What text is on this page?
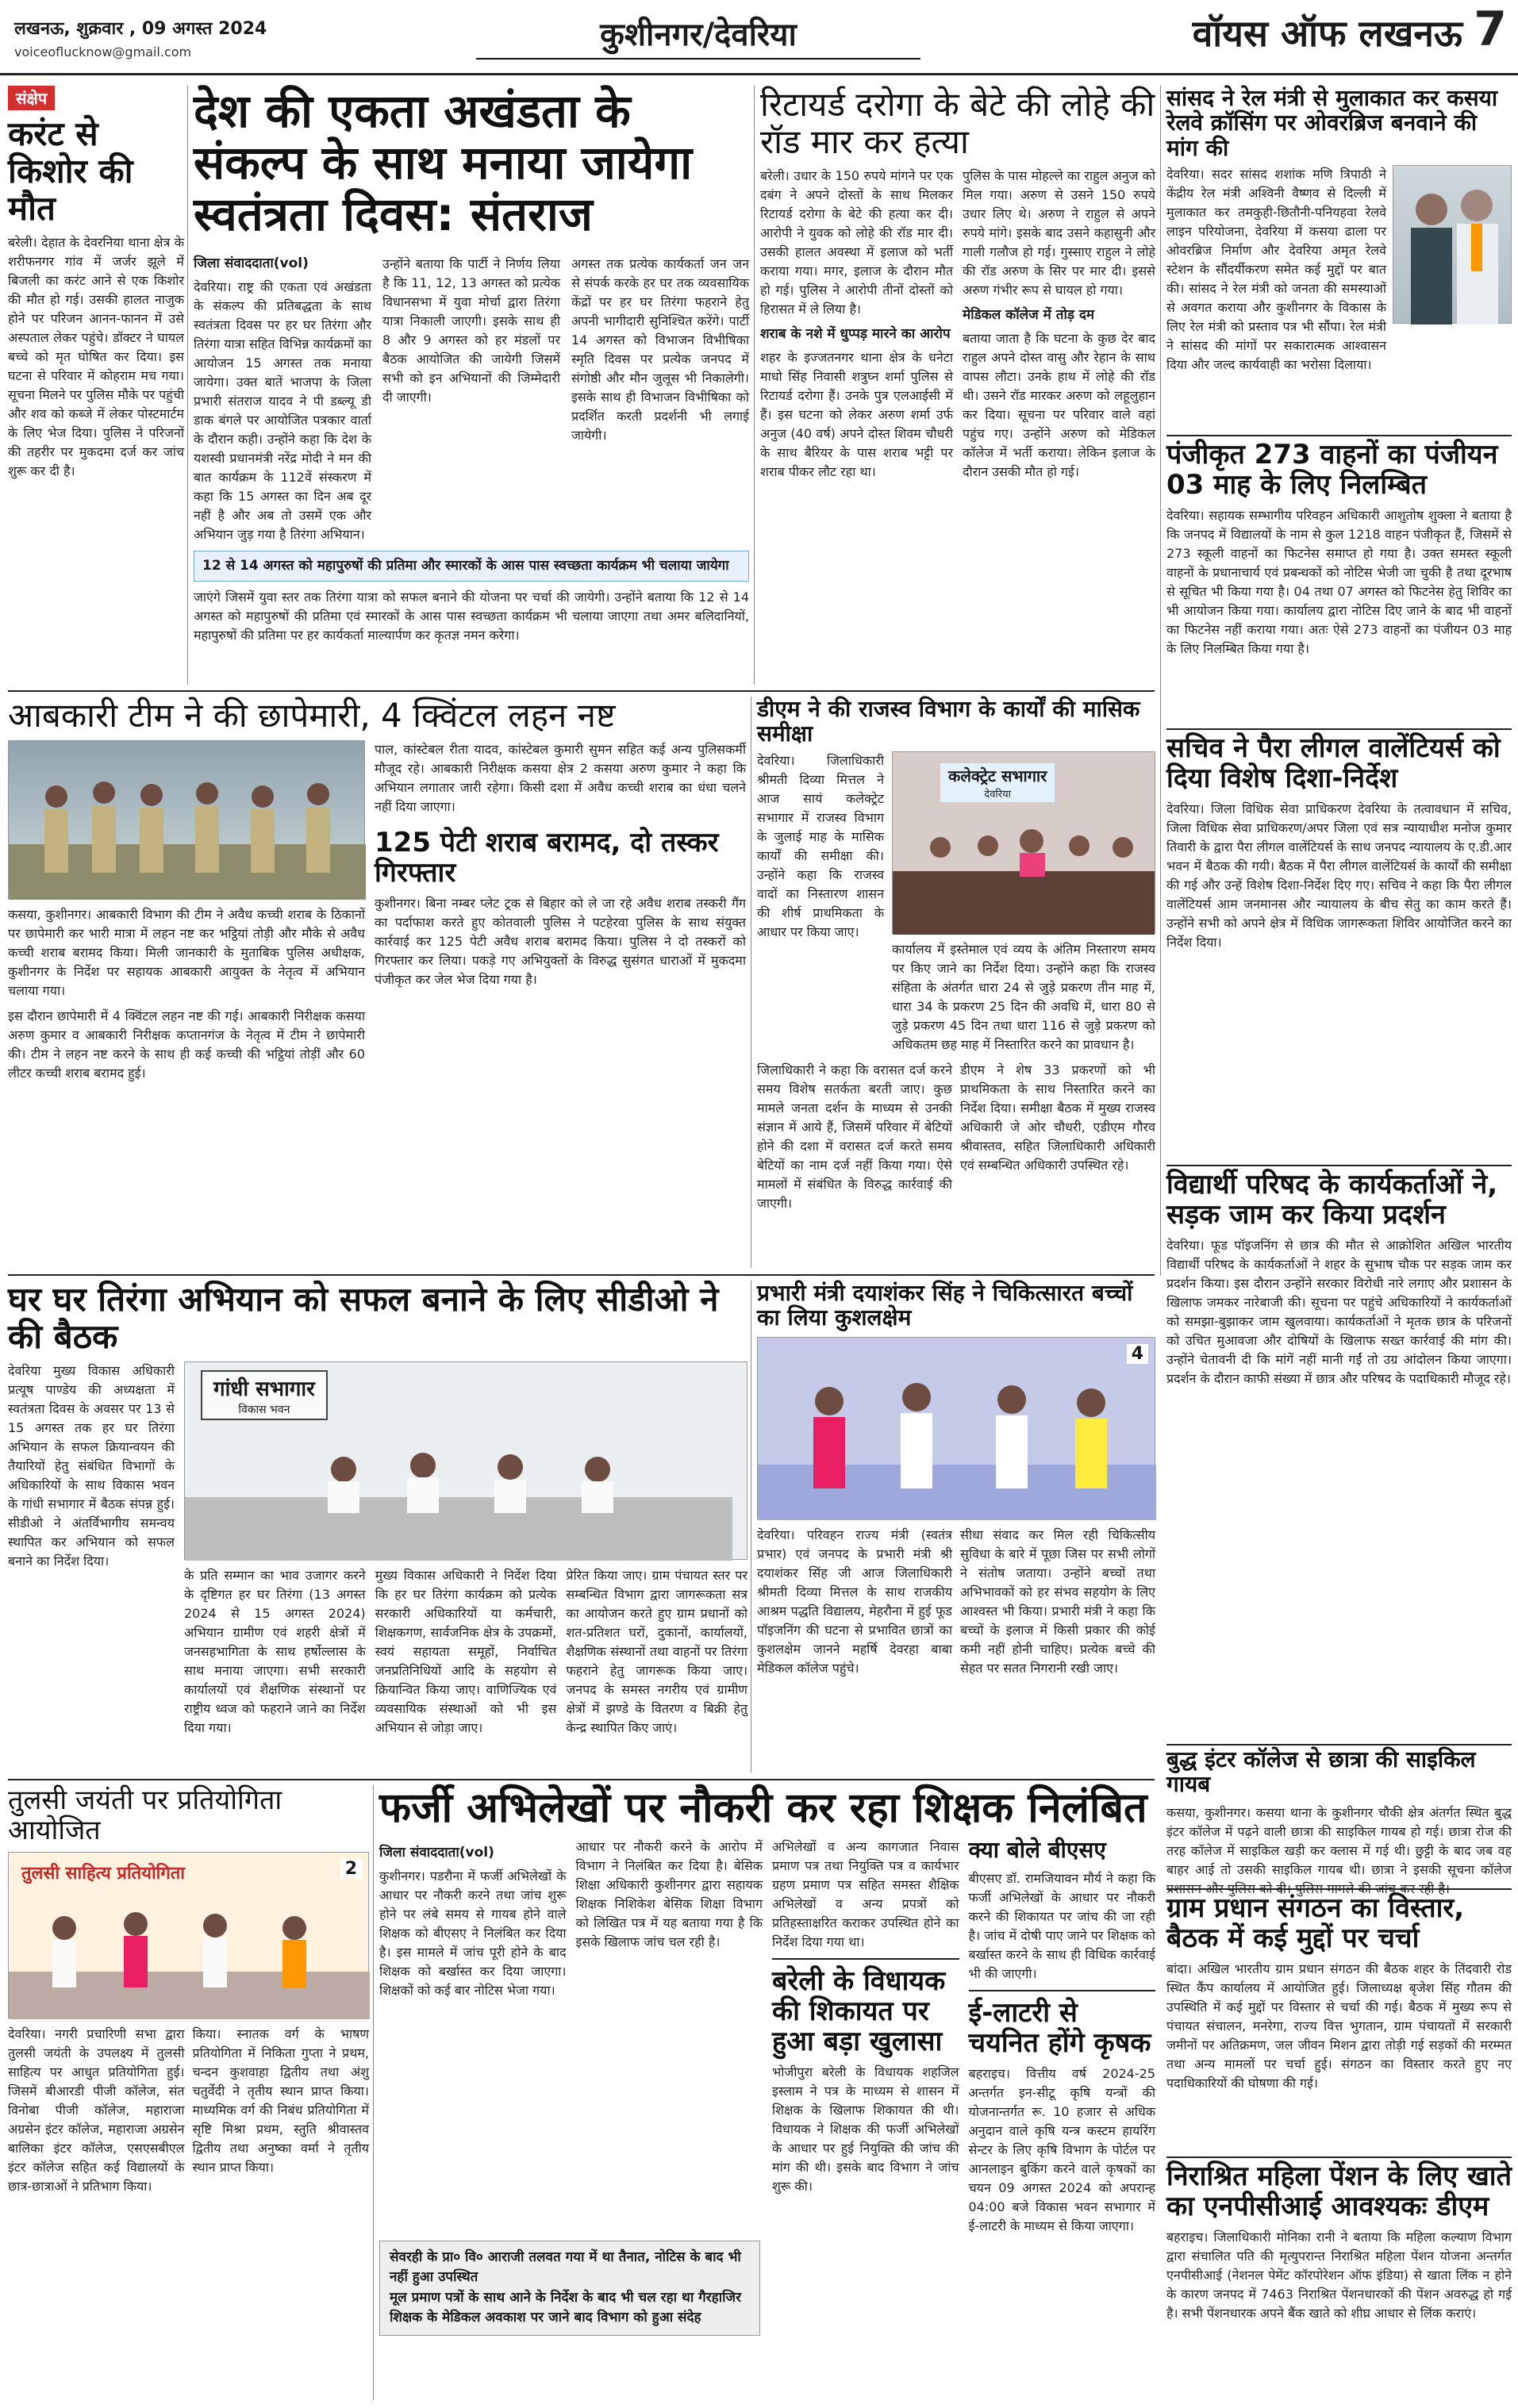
लखनऊ, शुक्रवार , 09 अगस्त 2024
voiceoflucknow@gmail.com	कुशीनगर/देवरिया	वॉयस ऑफ लखनऊ 7
संक्षेप
करंट से किशोर की मौत

बरेली। देहात के देवरनिया थाना क्षेत्र के शरीफनगर गांव में जर्जर झूले में बिजली का करंट आने से एक किशोर की मौत हो गई। उसकी हालत नाजुक होने पर परिजन आनन-फानन में उसे अस्पताल लेकर पहुंचे। डॉक्टर ने घायल बच्चे को मृत घोषित कर दिया। इस घटना से परिवार में कोहराम मच गया। सूचना मिलने पर पुलिस मौके पर पहुंची और शव को कब्जे में लेकर पोस्टमार्टम के लिए भेज दिया। पुलिस ने परिजनों की तहरीर पर मुकदमा दर्ज कर जांच शुरू कर दी है।

देश की एकता अखंडता के संकल्प के साथ मनाया जायेगा स्वतंत्रता दिवस: संतराज
जिला संवाददाता(vol)

देवरिया। राष्ट्र की एकता एवं अखंडता के संकल्प की प्रतिबद्धता के साथ स्वतंत्रता दिवस पर हर घर तिरंगा और तिरंगा यात्रा सहित विभिन्न कार्यक्रमों का आयोजन 15 अगस्त तक मनाया जायेगा। उक्त बातें भाजपा के जिला प्रभारी संतराज यादव ने पी डब्ल्यू डी डाक बंगले पर आयोजित पत्रकार वार्ता के दौरान कही। उन्होंने कहा कि देश के यशस्वी प्रधानमंत्री नरेंद्र मोदी ने मन की बात कार्यक्रम के 112वें संस्करण में कहा कि 15 अगस्त का दिन अब दूर नहीं है और अब तो उसमें एक और अभियान जुड़ गया है तिरंगा अभियान।

उन्होंने बताया कि पार्टी ने निर्णय लिया है कि 11, 12, 13 अगस्त को प्रत्येक विधानसभा में युवा मोर्चा द्वारा तिरंगा यात्रा निकाली जाएगी। इसके साथ ही 8 और 9 अगस्त को हर मंडलों पर बैठक आयोजित की जायेगी जिसमें सभी को इन अभियानों की जिम्मेदारी दी जाएगी।

अगस्त तक प्रत्येक कार्यकर्ता जन जन से संपर्क करके हर घर तक व्यवसायिक केंद्रों पर हर घर तिरंगा फहराने हेतु अपनी भागीदारी सुनिश्चित करेंगे। पार्टी 14 अगस्त को विभाजन विभीषिका स्मृति दिवस पर प्रत्येक जनपद में संगोष्ठी और मौन जुलूस भी निकालेगी। इसके साथ ही विभाजन विभीषिका को प्रदर्शित करती प्रदर्शनी भी लगाई जायेगी।

12 से 14 अगस्त को महापुरुषों की प्रतिमा और स्मारकों के आस पास स्वच्छता कार्यक्रम भी चलाया जायेगा

जाएंगे जिसमें युवा स्तर तक तिरंगा यात्रा को सफल बनाने की योजना पर चर्चा की जायेगी। उन्होंने बताया कि 12 से 14 अगस्त को महापुरुषों की प्रतिमा एवं स्मारकों के आस पास स्वच्छता कार्यक्रम भी चलाया जाएगा तथा अमर बलिदानियों, महापुरुषों की प्रतिमा पर हर कार्यकर्ता माल्यार्पण कर कृतज्ञ नमन करेगा।

रिटायर्ड दरोगा के बेटे की लोहे की रॉड मार कर हत्या

बरेली। उधार के 150 रुपये मांगने पर एक दबंग ने अपने दोस्तों के साथ मिलकर रिटायर्ड दरोगा के बेटे की हत्या कर दी। आरोपी ने युवक को लोहे की रॉड मार दी। उसकी हालत अवस्था में इलाज को भर्ती कराया गया। मगर, इलाज के दौरान मौत हो गई। पुलिस ने आरोपी तीनों दोस्तों को हिरासत में ले लिया है।

शराब के नशे में धुप्पड़ मारने का आरोप

शहर के इज्जतनगर थाना क्षेत्र के धनेटा माधो सिंह निवासी शत्रुघ्न शर्मा पुलिस से रिटायर्ड दरोगा हैं। उनके पुत्र एलआईसी में हैं। इस घटना को लेकर अरुण शर्मा उर्फ अनुज (40 वर्ष) अपने दोस्त शिवम चौधरी के साथ बैरियर के पास शराब भट्टी पर शराब पीकर लौट रहा था।

पुलिस के पास मोहल्ले का राहुल अनुज को मिल गया। अरुण से उसने 150 रुपये उधार लिए थे। अरुण ने राहुल से अपने रुपये मांगे। इसके बाद उसने कहासुनी और गाली गलौज हो गई। गुस्साए राहुल ने लोहे की रॉड अरुण के सिर पर मार दी। इससे अरुण गंभीर रूप से घायल हो गया।

मेडिकल कॉलेज में तोड़ दम

बताया जाता है कि घटना के कुछ देर बाद राहुल अपने दोस्त वासु और रेहान के साथ वापस लौटा। उनके हाथ में लोहे की रॉड थी। उसने रॉड मारकर अरुण को लहूलुहान कर दिया। सूचना पर परिवार वाले वहां पहुंच गए। उन्होंने अरुण को मेडिकल कॉलेज में भर्ती कराया। लेकिन इलाज के दौरान उसकी मौत हो गई।

सांसद ने रेल मंत्री से मुलाकात कर कसया रेलवे क्रॉसिंग पर ओवरब्रिज बनवाने की मांग की

देवरिया। सदर सांसद शशांक मणि त्रिपाठी ने केंद्रीय रेल मंत्री अश्विनी वैष्णव से दिल्ली में मुलाकात कर तमकुही-छितौनी-पनियहवा रेलवे लाइन परियोजना, देवरिया में कसया ढाला पर ओवरब्रिज निर्माण और देवरिया अमृत रेलवे स्टेशन के सौंदर्यीकरण समेत कई मुद्दों पर बात की। सांसद ने रेल मंत्री को जनता की समस्याओं से अवगत कराया और कुशीनगर के विकास के लिए रेल मंत्री को प्रस्ताव पत्र भी सौंपा। रेल मंत्री ने सांसद की मांगों पर सकारात्मक आश्वासन दिया और जल्द कार्यवाही का भरोसा दिलाया।

पंजीकृत 273 वाहनों का पंजीयन 03 माह के लिए निलम्बित

देवरिया। सहायक सम्भागीय परिवहन अधिकारी आशुतोष शुक्ला ने बताया है कि जनपद में विद्यालयों के नाम से कुल 1218 वाहन पंजीकृत हैं, जिसमें से 273 स्कूली वाहनों का फिटनेस समाप्त हो गया है। उक्त समस्त स्कूली वाहनों के प्रधानाचार्य एवं प्रबन्धकों को नोटिस भेजी जा चुकी है तथा दूरभाष से सूचित भी किया गया है। 04 तथा 07 अगस्त को फिटनेस हेतु शिविर का भी आयोजन किया गया। कार्यालय द्वारा नोटिस दिए जाने के बाद भी वाहनों का फिटनेस नहीं कराया गया। अतः ऐसे 273 वाहनों का पंजीयन 03 माह के लिए निलम्बित किया गया है।

सचिव ने पैरा लीगल वालेंटियर्स को दिया विशेष दिशा-निर्देश

देवरिया। जिला विधिक सेवा प्राधिकरण देवरिया के तत्वावधान में सचिव, जिला विधिक सेवा प्राधिकरण/अपर जिला एवं सत्र न्यायाधीश मनोज कुमार तिवारी के द्वारा पैरा लीगल वालेंटियर्स के साथ जनपद न्यायालय के ए.डी.आर भवन में बैठक की गयी। बैठक में पैरा लीगल वालेंटियर्स के कार्यों की समीक्षा की गई और उन्हें विशेष दिशा-निर्देश दिए गए। सचिव ने कहा कि पैरा लीगल वालेंटियर्स आम जनमानस और न्यायालय के बीच सेतु का काम करते हैं। उन्होंने सभी को अपने क्षेत्र में विधिक जागरूकता शिविर आयोजित करने का निर्देश दिया।

आबकारी टीम ने की छापेमारी, 4 क्विंटल लहन नष्ट

कसया, कुशीनगर। आबकारी विभाग की टीम ने अवैध कच्ची शराब के ठिकानों पर छापेमारी कर भारी मात्रा में लहन नष्ट कर भट्ठियां तोड़ी और मौके से अवैध कच्ची शराब बरामद किया। मिली जानकारी के मुताबिक पुलिस अधीक्षक, कुशीनगर के निर्देश पर सहायक आबकारी आयुक्त के नेतृत्व में अभियान चलाया गया।

इस दौरान छापेमारी में 4 क्विंटल लहन नष्ट की गई। आबकारी निरीक्षक कसया अरुण कुमार व आबकारी निरीक्षक कप्तानगंज के नेतृत्व में टीम ने छापेमारी की। टीम ने लहन नष्ट करने के साथ ही कई कच्ची की भट्ठियां तोड़ीं और 60 लीटर कच्ची शराब बरामद हुई।

पाल, कांस्टेबल रीता यादव, कांस्टेबल कुमारी सुमन सहित कई अन्य पुलिसकर्मी मौजूद रहे। आबकारी निरीक्षक कसया क्षेत्र 2 कसया अरुण कुमार ने कहा कि अभियान लगातार जारी रहेगा। किसी दशा में अवैध कच्ची शराब का धंधा चलने नहीं दिया जाएगा।

125 पेटी शराब बरामद, दो तस्कर गिरफ्तार

कुशीनगर। बिना नम्बर प्लेट ट्रक से बिहार को ले जा रहे अवैध शराब तस्करी गैंग का पर्दाफाश करते हुए कोतवाली पुलिस ने पटहेरवा पुलिस के साथ संयुक्त कार्रवाई कर 125 पेटी अवैध शराब बरामद किया। पुलिस ने दो तस्करों को गिरफ्तार कर लिया। पकड़े गए अभियुक्तों के विरुद्ध सुसंगत धाराओं में मुकदमा पंजीकृत कर जेल भेज दिया गया है।

डीएम ने की राजस्व विभाग के कार्यों की मासिक समीक्षा

देवरिया। जिलाधिकारी श्रीमती दिव्या मित्तल ने आज सायं कलेक्ट्रेट सभागार में राजस्व विभाग के जुलाई माह के मासिक कार्यों की समीक्षा की। उन्होंने कहा कि राजस्व वादों का निस्तारण शासन की शीर्ष प्राथमिकता के आधार पर किया जाए।

कलेक्ट्रेट सभागार
देवरिया

कार्यालय में इस्तेमाल एवं व्यय के अंतिम निस्तारण समय पर किए जाने का निर्देश दिया। उन्होंने कहा कि राजस्व संहिता के अंतर्गत धारा 24 से जुड़े प्रकरण तीन माह में, धारा 34 के प्रकरण 25 दिन की अवधि में, धारा 80 से जुड़े प्रकरण 45 दिन तथा धारा 116 से जुड़े प्रकरण को अधिकतम छह माह में निस्तारित करने का प्रावधान है।

जिलाधिकारी ने कहा कि वरासत दर्ज करने समय विशेष सतर्कता बरती जाए। कुछ मामले जनता दर्शन के माध्यम से उनकी संज्ञान में आये हैं, जिसमें परिवार में बेटियों होने की दशा में वरासत दर्ज करते समय बेटियों का नाम दर्ज नहीं किया गया। ऐसे मामलों में संबंधित के विरुद्ध कार्रवाई की जाएगी।

डीएम ने शेष 33 प्रकरणों को भी प्राथमिकता के साथ निस्तारित करने का निर्देश दिया। समीक्षा बैठक में मुख्य राजस्व अधिकारी जे ओर चौधरी, एडीएम गौरव श्रीवास्तव, सहित जिलाधिकारी अधिकारी एवं सम्बन्धित अधिकारी उपस्थित रहे।

विद्यार्थी परिषद के कार्यकर्ताओं ने, सड़क जाम कर किया प्रदर्शन

देवरिया। फूड पॉइजनिंग से छात्र की मौत से आक्रोशित अखिल भारतीय विद्यार्थी परिषद के कार्यकर्ताओं ने शहर के सुभाष चौक पर सड़क जाम कर प्रदर्शन किया। इस दौरान उन्होंने सरकार विरोधी नारे लगाए और प्रशासन के खिलाफ जमकर नारेबाजी की। सूचना पर पहुंचे अधिकारियों ने कार्यकर्ताओं को समझा-बुझाकर जाम खुलवाया। कार्यकर्ताओं ने मृतक छात्र के परिजनों को उचित मुआवजा और दोषियों के खिलाफ सख्त कार्रवाई की मांग की। उन्होंने चेतावनी दी कि मांगें नहीं मानी गईं तो उग्र आंदोलन किया जाएगा। प्रदर्शन के दौरान काफी संख्या में छात्र और परिषद के पदाधिकारी मौजूद रहे।

घर घर तिरंगा अभियान को सफल बनाने के लिए सीडीओ ने की बैठक

देवरिया मुख्य विकास अधिकारी प्रत्यूष पाण्डेय की अध्यक्षता में स्वतंत्रता दिवस के अवसर पर 13 से 15 अगस्त तक हर घर तिरंगा अभियान के सफल क्रियान्वयन की तैयारियों हेतु संबंधित विभागों के अधिकारियों के साथ विकास भवन के गांधी सभागार में बैठक संपन्न हुई। सीडीओ ने अंतर्विभागीय समन्वय स्थापित कर अभियान को सफल बनाने का निर्देश दिया।

गांधी सभागार
विकास भवन

के प्रति सम्मान का भाव उजागर करने के दृष्टिगत हर घर तिरंगा (13 अगस्त 2024 से 15 अगस्त 2024) अभियान ग्रामीण एवं शहरी क्षेत्रों में जनसहभागिता के साथ हर्षोल्लास के साथ मनाया जाएगा। सभी सरकारी कार्यालयों एवं शैक्षणिक संस्थानों पर राष्ट्रीय ध्वज को फहराने जाने का निर्देश दिया गया।

मुख्य विकास अधिकारी ने निर्देश दिया कि हर घर तिरंगा कार्यक्रम को प्रत्येक सरकारी अधिकारियों या कर्मचारी, शिक्षकगण, सार्वजनिक क्षेत्र के उपक्रमों, स्वयं सहायता समूहों, निर्वाचित जनप्रतिनिधियों आदि के सहयोग से क्रियान्वित किया जाए। वाणिज्यिक एवं व्यवसायिक संस्थाओं को भी इस अभियान से जोड़ा जाए।

प्रेरित किया जाए। ग्राम पंचायत स्तर पर सम्बन्धित विभाग द्वारा जागरूकता सत्र का आयोजन करते हुए ग्राम प्रधानों को शत-प्रतिशत घरों, दुकानों, कार्यालयों, शैक्षणिक संस्थानों तथा वाहनों पर तिरंगा फहराने हेतु जागरूक किया जाए। जनपद के समस्त नगरीय एवं ग्रामीण क्षेत्रों में झण्डे के वितरण व बिक्री हेतु केन्द्र स्थापित किए जाएं।

प्रभारी मंत्री दयाशंकर सिंह ने चिकित्सारत बच्चों का लिया कुशलक्षेम
4

देवरिया। परिवहन राज्य मंत्री (स्वतंत्र प्रभार) एवं जनपद के प्रभारी मंत्री श्री दयाशंकर सिंह जी आज जिलाधिकारी श्रीमती दिव्या मित्तल के साथ राजकीय आश्रम पद्धति विद्यालय, मेहरौना में हुई फूड पॉइजनिंग की घटना से प्रभावित छात्रों का कुशलक्षेम जानने महर्षि देवरहा बाबा मेडिकल कॉलेज पहुंचे।

सीधा संवाद कर मिल रही चिकित्सीय सुविधा के बारे में पूछा जिस पर सभी लोगों ने संतोष जताया। उन्होंने बच्चों तथा अभिभावकों को हर संभव सहयोग के लिए आश्वस्त भी किया। प्रभारी मंत्री ने कहा कि बच्चों के इलाज में किसी प्रकार की कोई कमी नहीं होनी चाहिए। प्रत्येक बच्चे की सेहत पर सतत निगरानी रखी जाए।

बुद्ध इंटर कॉलेज से छात्रा की साइकिल गायब

कसया, कुशीनगर। कसया थाना के कुशीनगर चौकी क्षेत्र अंतर्गत स्थित बुद्ध इंटर कॉलेज में पढ़ने वाली छात्रा की साइकिल गायब हो गई। छात्रा रोज की तरह कॉलेज में साइकिल खड़ी कर क्लास में गई थी। छुट्टी के बाद जब वह बाहर आई तो उसकी साइकिल गायब थी। छात्रा ने इसकी सूचना कॉलेज प्रशासन और पुलिस को दी। पुलिस मामले की जांच कर रही है।

ग्राम प्रधान संगठन का विस्तार, बैठक में कई मुद्दों पर चर्चा

बांदा। अखिल भारतीय ग्राम प्रधान संगठन की बैठक शहर के तिंदवारी रोड स्थित कैंप कार्यालय में आयोजित हुई। जिलाध्यक्ष बृजेश सिंह गौतम की उपस्थिति में कई मुद्दों पर विस्तार से चर्चा की गई। बैठक में मुख्य रूप से पंचायत संचालन, मनरेगा, राज्य वित्त भुगतान, ग्राम पंचायतों में सरकारी जमीनों पर अतिक्रमण, जल जीवन मिशन द्वारा तोड़ी गई सड़कों की मरम्मत तथा अन्य मामलों पर चर्चा हुई। संगठन का विस्तार करते हुए नए पदाधिकारियों की घोषणा की गई।

निराश्रित महिला पेंशन के लिए खाते का एनपीसीआई आवश्यकः डीएम

बहराइच। जिलाधिकारी मोनिका रानी ने बताया कि महिला कल्याण विभाग द्वारा संचालित पति की मृत्युपरान्त निराश्रित महिला पेंशन योजना अन्तर्गत एनपीसीआई (नेशनल पेमेंट कॉरपोरेशन ऑफ इंडिया) से खाता लिंक न होने के कारण जनपद में 7463 निराश्रित पेंशनधारकों की पेंशन अवरुद्ध हो गई है। सभी पेंशनधारक अपने बैंक खाते को शीघ्र आधार से लिंक कराएं।

तुलसी जयंती पर प्रतियोगिता आयोजित
तुलसी साहित्य प्रतियोगिता	2

देवरिया। नगरी प्रचारिणी सभा द्वारा तुलसी जयंती के उपलक्ष्य में तुलसी साहित्य पर आधुत प्रतियोगिता हुई। जिसमें बीआरडी पीजी कॉलेज, संत विनोबा पीजी कॉलेज, महाराजा अग्रसेन इंटर कॉलेज, महाराजा अग्रसेन बालिका इंटर कॉलेज, एसएसबीएल इंटर कॉलेज सहित कई विद्यालयों के छात्र-छात्राओं ने प्रतिभाग किया।

किया। स्नातक वर्ग के भाषण प्रतियोगिता में निकिता गुप्ता ने प्रथम, चन्दन कुशवाहा द्वितीय तथा अंशु चतुर्वेदी ने तृतीय स्थान प्राप्त किया। माध्यमिक वर्ग की निबंध प्रतियोगिता में सृष्टि मिश्रा प्रथम, स्तुति श्रीवास्तव द्वितीय तथा अनुष्का वर्मा ने तृतीय स्थान प्राप्त किया।

फर्जी अभिलेखों पर नौकरी कर रहा शिक्षक निलंबित
जिला संवाददाता(vol)

कुशीनगर। पडरौना में फर्जी अभिलेखों के आधार पर नौकरी करने तथा जांच शुरू होने पर लंबे समय से गायब होने वाले शिक्षक को बीएसए ने निलंबित कर दिया है। इस मामले में जांच पूरी होने के बाद शिक्षक को बर्खास्त कर दिया जाएगा। शिक्षकों को कई बार नोटिस भेजा गया।

आधार पर नौकरी करने के आरोप में विभाग ने निलंबित कर दिया है। बेसिक शिक्षा अधिकारी कुशीनगर द्वारा सहायक शिक्षक निशिकेश बेसिक शिक्षा विभाग को लिखित पत्र में यह बताया गया है कि इसके खिलाफ जांच चल रही है।

अभिलेखों व अन्य कागजात निवास प्रमाण पत्र तथा नियुक्ति पत्र व कार्यभार ग्रहण प्रमाण पत्र सहित समस्त शैक्षिक अभिलेखों व अन्य प्रपत्रों को प्रतिहस्ताक्षरित कराकर उपस्थित होने का निर्देश दिया गया था।

बरेली के विधायक की शिकायत पर हुआ बड़ा खुलासा

भोजीपुरा बरेली के विधायक शहजिल इस्लाम ने पत्र के माध्यम से शासन में शिक्षक के खिलाफ शिकायत की थी। विधायक ने शिक्षक की फर्जी अभिलेखों के आधार पर हुई नियुक्ति की जांच की मांग की थी। इसके बाद विभाग ने जांच शुरू की।

क्या बोले बीएसए

बीएसए डॉ. रामजियावन मौर्य ने कहा कि फर्जी अभिलेखों के आधार पर नौकरी करने की शिकायत पर जांच की जा रही है। जांच में दोषी पाए जाने पर शिक्षक को बर्खास्त करने के साथ ही विधिक कार्रवाई भी की जाएगी।

ई-लाटरी से चयनित होंगे कृषक

बहराइच। वित्तीय वर्ष 2024-25 अन्तर्गत इन-सीटू कृषि यन्त्रों की योजनान्तर्गत रू. 10 हजार से अधिक अनुदान वाले कृषि यन्त्र कस्टम हायरिंग सेन्टर के लिए कृषि विभाग के पोर्टल पर आनलाइन बुकिंग करने वाले कृषकों का चयन 09 अगस्त 2024 को अपरान्ह 04:00 बजे विकास भवन सभागार में ई-लाटरी के माध्यम से किया जाएगा।

सेवरही के प्रा० वि० आराजी तलवत गया में था तैनात, नोटिस के बाद भी नहीं हुआ उपस्थित
मूल प्रमाण पत्रों के साथ आने के निर्देश के बाद भी चल रहा था गैरहाजिर
शिक्षक के मेडिकल अवकाश पर जाने बाद विभाग को हुआ संदेह
